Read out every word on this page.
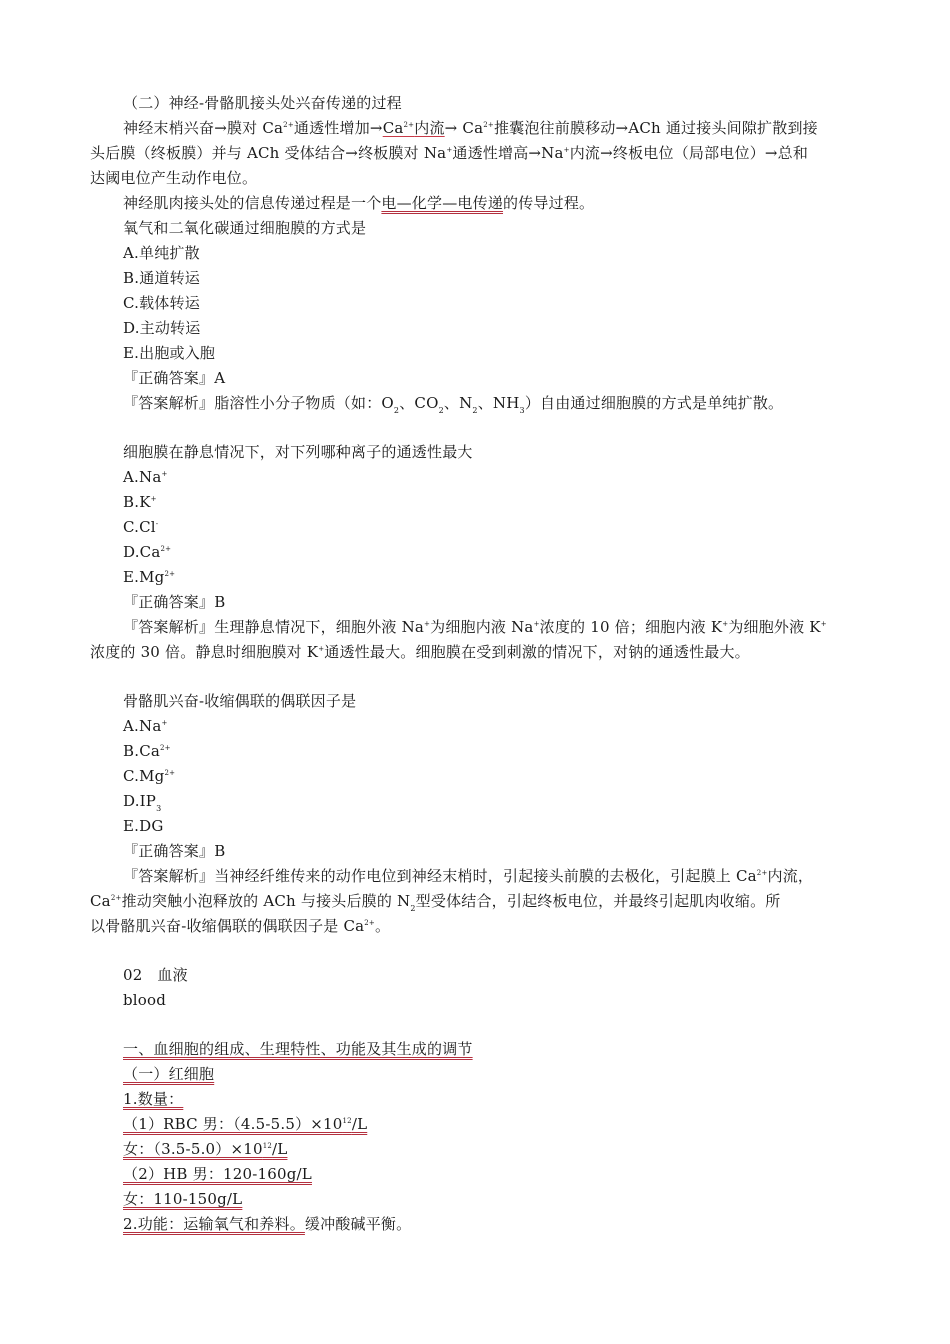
（二）神经-骨骼肌接头处兴奋传递的过程
神经末梢兴奋→膜对 $Ca^{2+}$通透性增加$\to Ca^{2+}$内流→ $Ca^{2+}$推囊泡往前膜移动→ACh 通过接头间隙扩散到接
头后膜（终板膜）并与 ACh 受体结合→终板膜对 Na+通透性增高→Na+内流→终板电位（局部电位）→总和
达阈电位产生动作电位。
神经肌肉接头处的信息传递过程是一个电—化学—电传递的传导过程。
氧气和二氧化碳通过细胞膜的方式是
A.单纯扩散
B.通道转运
C.载体转运
D.主动转运
E.出胞或入胞
『正确答案』A
『答案解析』脂溶性小分子物质（如：$O_2$、$CO_2$、$N_2$、$NH_3$）自由通过细胞膜的方式是单纯扩散。
细胞膜在静息情况下，对下列哪种离子的通透性最大
A.Na+
B.K+
C.Cl-
$D.Ca^{2+}$
$E.Mg^{2+}$
『正确答案』B
『答案解析』生理静息情况下，细胞外液 Na+为细胞内液 Na+浓度的 10 倍；细胞内液 K+为细胞外液 K+
浓度的 30 倍。静息时细胞膜对 K+通透性最大。细胞膜在受到刺激的情况下，对钠的通透性最大。
骨骼肌兴奋-收缩偶联的偶联因子是
A.Na+
$B.Ca^{2+}$
$C.Mg^{2+}$
$D.IP_3$
E.DG
『正确答案』B
『答案解析』当神经纤维传来的动作电位到神经末梢时，引起接头前膜的去极化，引起膜上 $Ca^{2+}$内流，
$Ca^{2+}$推动突触小泡释放的 ACh 与接头后膜的 $N_2$型受体结合，引起终板电位，并最终引起肌肉收缩。所
以骨骼肌兴奋-收缩偶联的偶联因子是 $Ca^{2+}$。
02 血液
blood
一、血细胞的组成、生理特性、功能及其生成的调节
（一）红细胞
1.数量：
（1）RBC 男：$(4.5-5.5)\times 10^{12}/L$
女：$(3.5-5.0)\times 10^{12}/L$
（2）HB 男：120-160g/L
女：110-150g/L
2.功能：运输氧气和养料。缓冲酸碱平衡。
